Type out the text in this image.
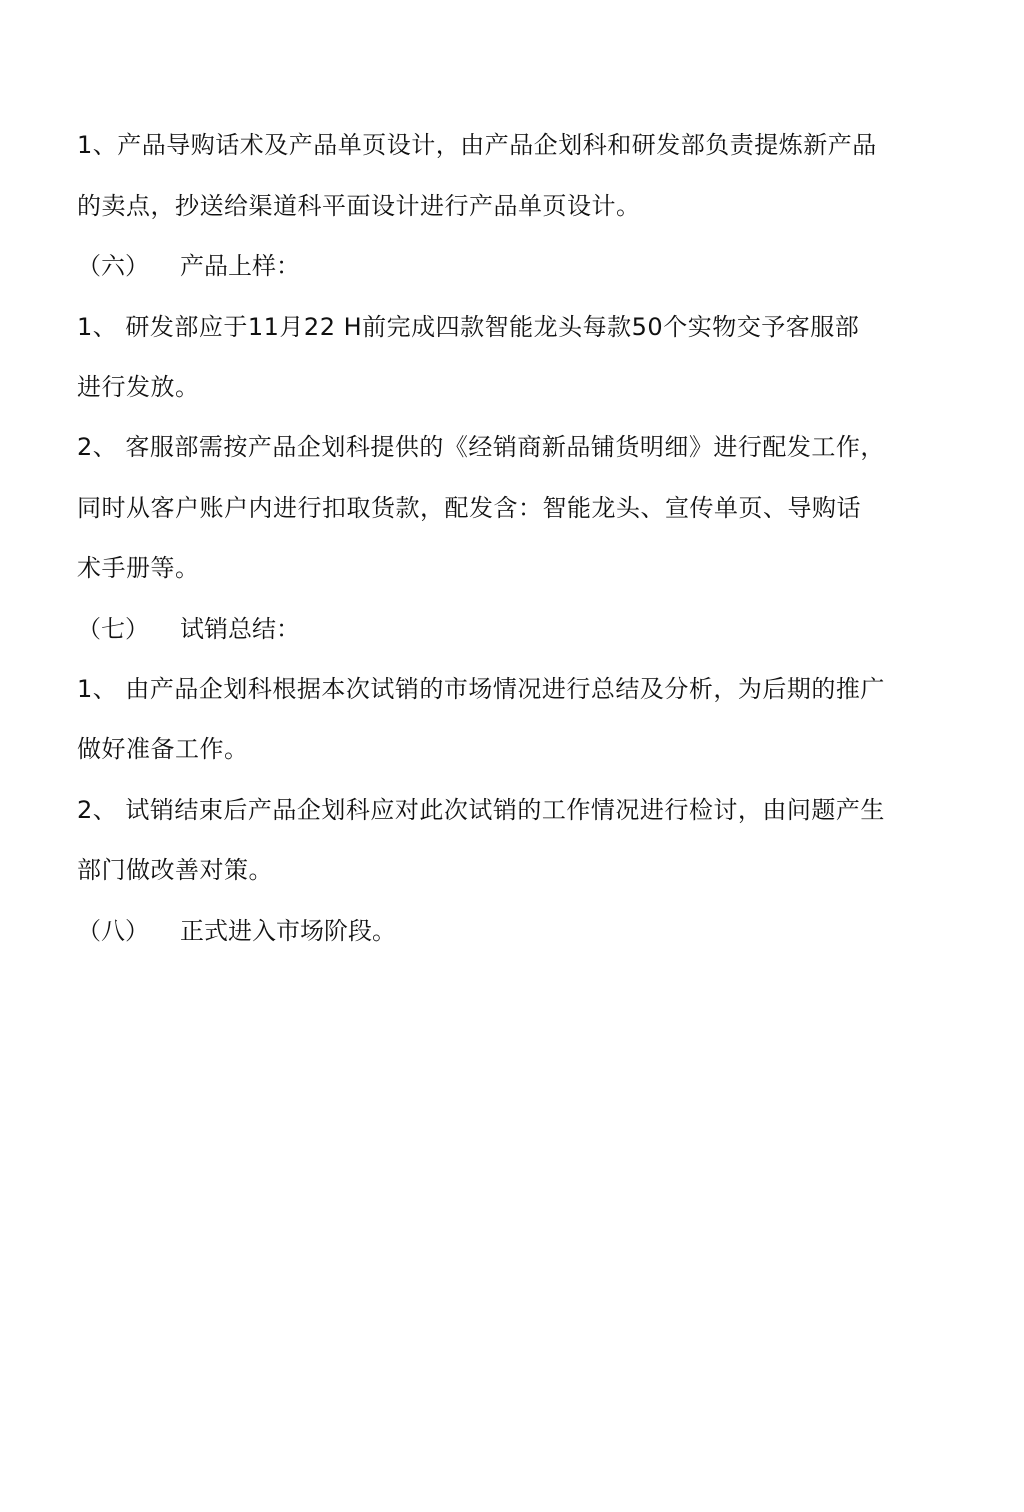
1、产品导购话术及产品单页设计，由产品企划科和研发部负责提炼新产品
的卖点，抄送给渠道科平面设计进行产品单页设计。
（六） 产品上样：
1、 研发部应于11月22 H前完成四款智能龙头每款50个实物交予客服部
进行发放。
2、 客服部需按产品企划科提供的《经销商新品铺货明细》进行配发工作，
同时从客户账户内进行扣取货款，配发含：智能龙头、宣传单页、导购话
术手册等。
（七） 试销总结：
1、 由产品企划科根据本次试销的市场情况进行总结及分析，为后期的推广
做好准备工作。
2、 试销结束后产品企划科应对此次试销的工作情况进行检讨，由问题产生
部门做改善对策。
（八） 正式进入市场阶段。
